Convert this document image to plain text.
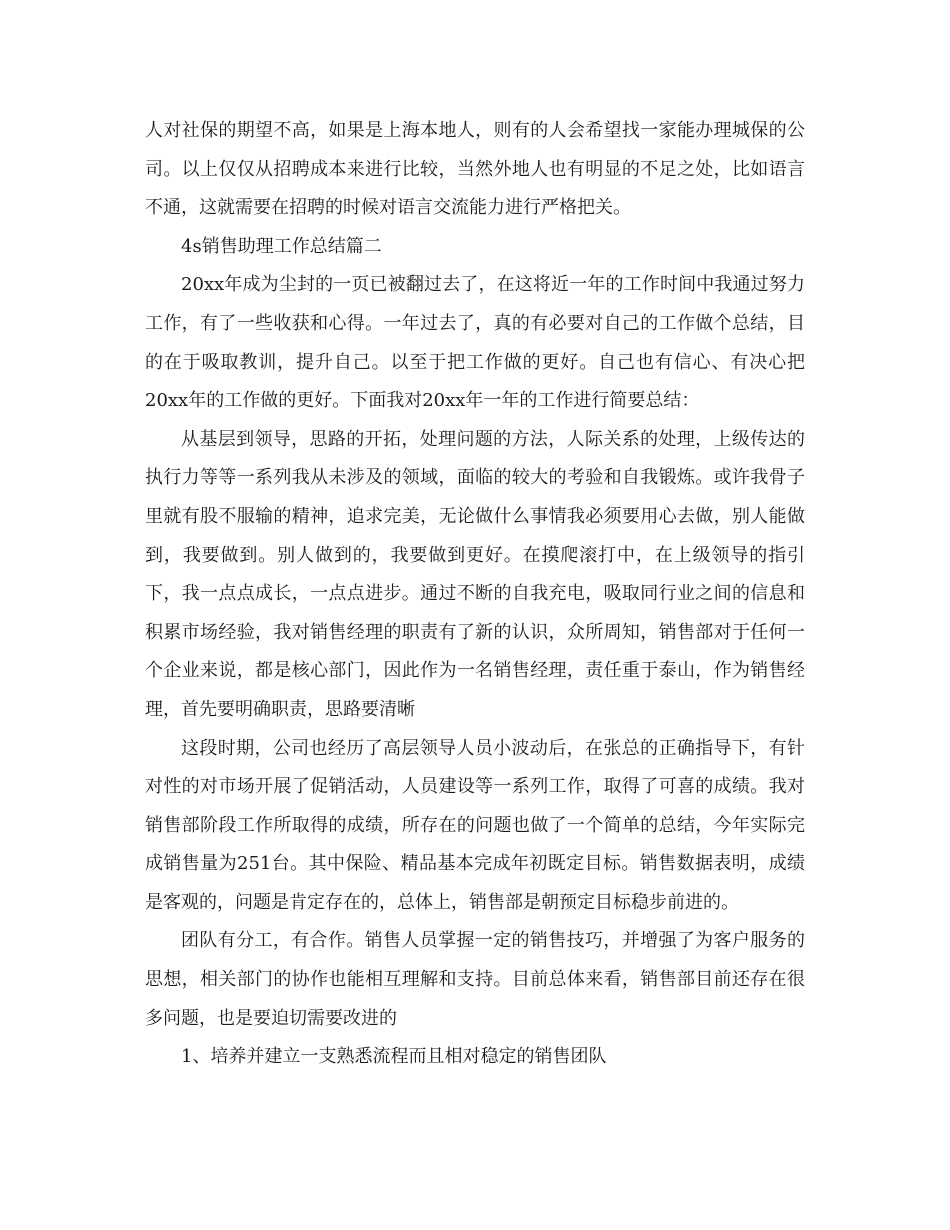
人对社保的期望不高，如果是上海本地人，则有的人会希望找一家能办理城保的公司。以上仅仅从招聘成本来进行比较，当然外地人也有明显的不足之处，比如语言不通，这就需要在招聘的时候对语言交流能力进行严格把关。

4s销售助理工作总结篇二

20xx年成为尘封的一页已被翻过去了，在这将近一年的工作时间中我通过努力工作，有了一些收获和心得。一年过去了，真的有必要对自己的工作做个总结，目的在于吸取教训，提升自己。以至于把工作做的更好。自己也有信心、有决心把20xx年的工作做的更好。下面我对20xx年一年的工作进行简要总结：

从基层到领导，思路的开拓，处理问题的方法，人际关系的处理，上级传达的执行力等等一系列我从未涉及的领域，面临的较大的考验和自我锻炼。或许我骨子里就有股不服输的精神，追求完美，无论做什么事情我必须要用心去做，别人能做到，我要做到。别人做到的，我要做到更好。在摸爬滚打中，在上级领导的指引下，我一点点成长，一点点进步。通过不断的自我充电，吸取同行业之间的信息和积累市场经验，我对销售经理的职责有了新的认识，众所周知，销售部对于任何一个企业来说，都是核心部门，因此作为一名销售经理，责任重于泰山，作为销售经理，首先要明确职责，思路要清晰

这段时期，公司也经历了高层领导人员小波动后，在张总的正确指导下，有针对性的对市场开展了促销活动，人员建设等一系列工作，取得了可喜的成绩。我对销售部阶段工作所取得的成绩，所存在的问题也做了一个简单的总结，今年实际完成销售量为251台。其中保险、精品基本完成年初既定目标。销售数据表明，成绩是客观的，问题是肯定存在的，总体上，销售部是朝预定目标稳步前进的。

团队有分工，有合作。销售人员掌握一定的销售技巧，并增强了为客户服务的思想，相关部门的协作也能相互理解和支持。目前总体来看，销售部目前还存在很多问题，也是要迫切需要改进的

1、培养并建立一支熟悉流程而且相对稳定的销售团队
